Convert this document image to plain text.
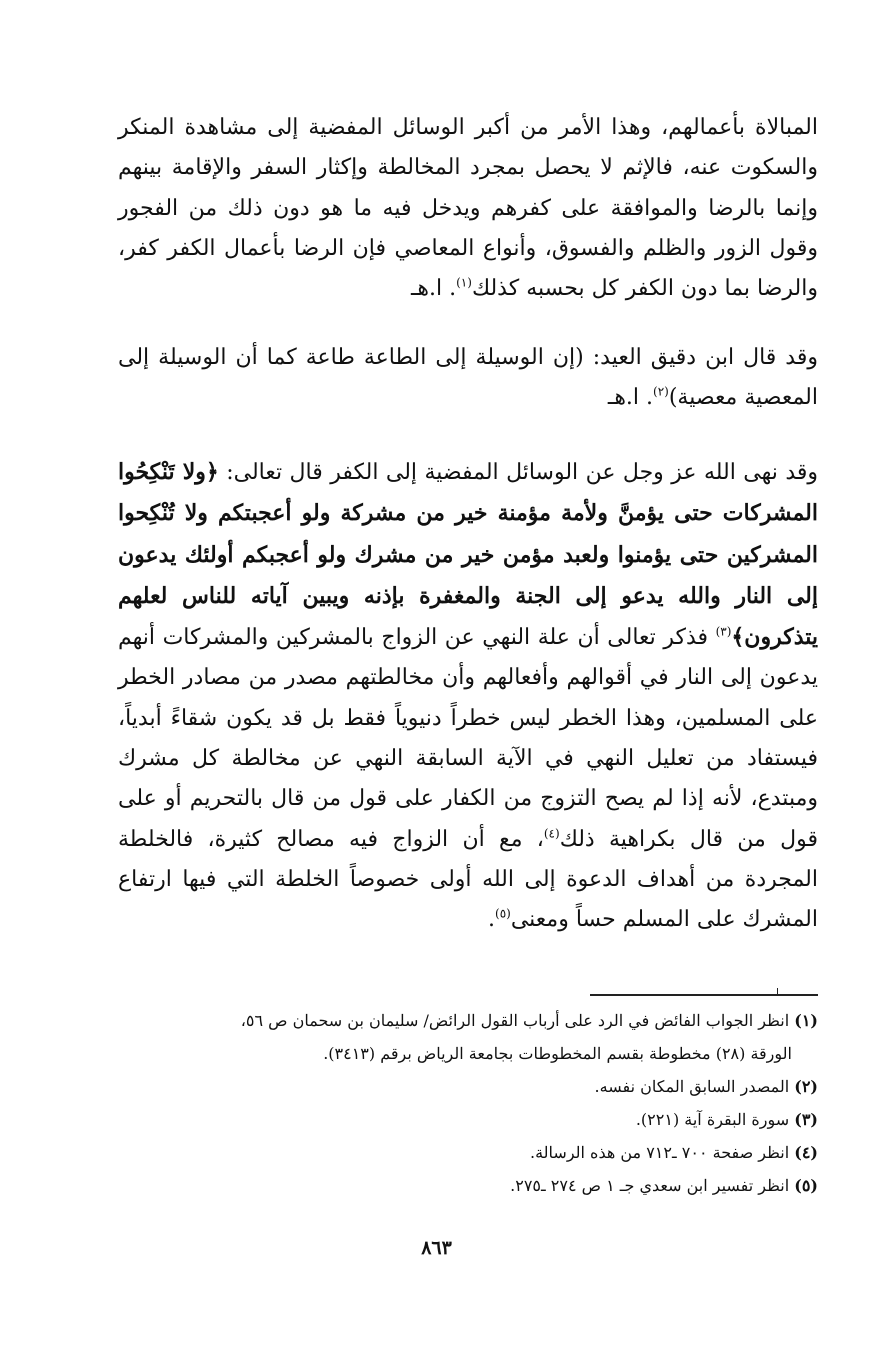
المبالاة بأعمالهم، وهذا الأمر من أكبر الوسائل المفضية إلى مشاهدة المنكر والسكوت عنه، فالإثم لا يحصل بمجرد المخالطة وإكثار السفر والإقامة بينهم وإنما بالرضا والموافقة على كفرهم ويدخل فيه ما هو دون ذلك من الفجور وقول الزور والظلم والفسوق، وأنواع المعاصي فإن الرضا بأعمال الكفر كفر، والرضا بما دون الكفر كل بحسبه كذلك$^{(١)}$. ا.هـ

وقد قال ابن دقيق العيد: (إن الوسيلة إلى الطاعة طاعة كما أن الوسيلة إلى المعصية معصية)$^{(٢)}$. ا.هـ

وقد نهى الله عز وجل عن الوسائل المفضية إلى الكفر قال تعالى: ﴿ولا تَنْكِحُوا المشركات حتى يؤمنَّ ولأمة مؤمنة خير من مشركة ولو أعجبتكم ولا تُنْكِحوا المشركين حتى يؤمنوا ولعبد مؤمن خير من مشرك ولو أعجبكم أولئك يدعون إلى النار والله يدعو إلى الجنة والمغفرة بإذنه ويبين آياته للناس لعلهم يتذكرون﴾$^{(٣)}$ فذكر تعالى أن علة النهي عن الزواج بالمشركين والمشركات أنهم يدعون إلى النار في أقوالهم وأفعالهم وأن مخالطتهم مصدر من مصادر الخطر على المسلمين، وهذا الخطر ليس خطراً دنيوياً فقط بل قد يكون شقاءً أبدياً، فيستفاد من تعليل النهي في الآية السابقة النهي عن مخالطة كل مشرك ومبتدع، لأنه إذا لم يصح التزوج من الكفار على قول من قال بالتحريم أو على قول من قال بكراهية ذلك$^{(٤)}$، مع أن الزواج فيه مصالح كثيرة، فالخلطة المجردة من أهداف الدعوة إلى الله أولى خصوصاً الخلطة التي فيها ارتفاع المشرك على المسلم حساً ومعنى$^{(٥)}$.

(١) انظر الجواب الفائض في الرد على أرباب القول الرائض/ سليمان بن سحمان ص ٥٦،

الورقة (٢٨) مخطوطة بقسم المخطوطات بجامعة الرياض برقم (٣٤١٣).

(٢) المصدر السابق المكان نفسه.

(٣) سورة البقرة آية (٢٢١).

(٤) انظر صفحة ٧٠٠ ـ٧١٢ من هذه الرسالة.

(٥) انظر تفسير ابن سعدي جـ ١ ص ٢٧٤ ـ٢٧٥.

٨٦٣
